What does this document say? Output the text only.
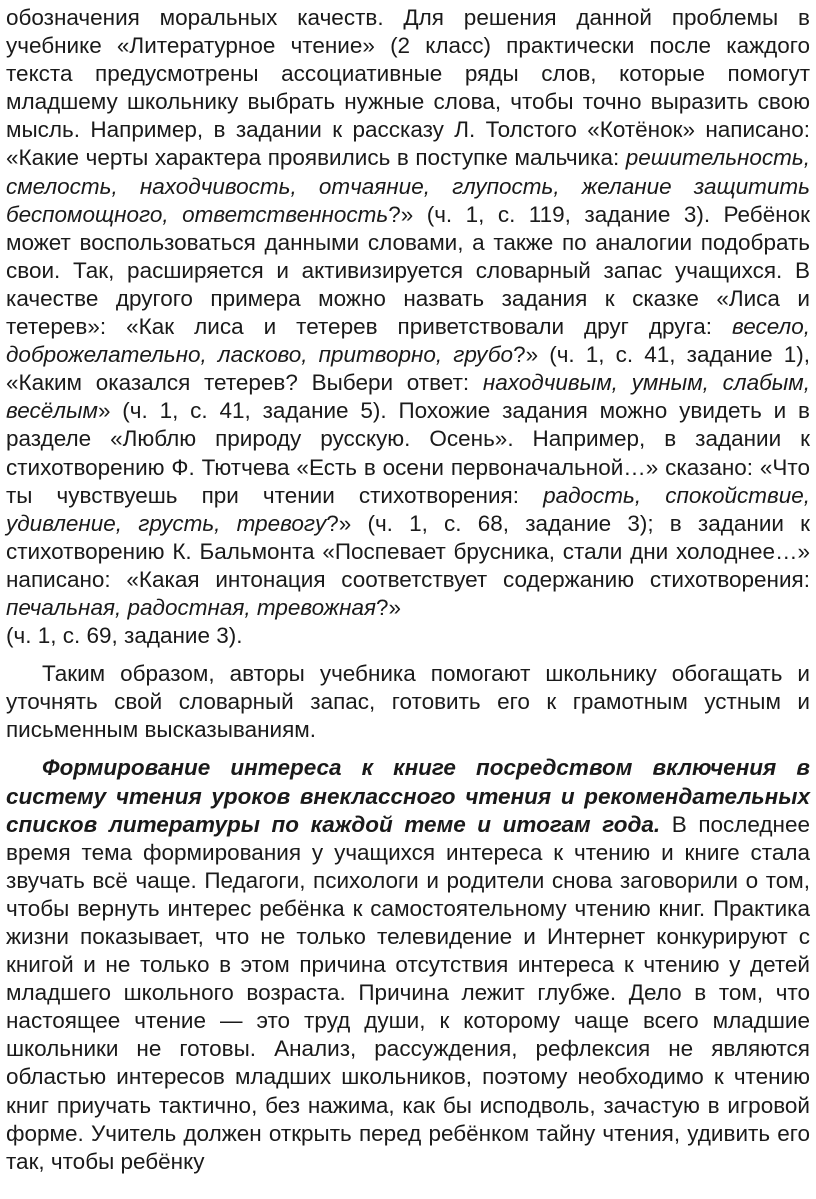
обозначения моральных качеств. Для решения данной проблемы в учебнике «Литературное чтение» (2 класс) практически после каждого текста предусмотрены ассоциативные ряды слов, которые помогут младшему школьнику выбрать нужные слова, чтобы точно выразить свою мысль. Например, в задании к рассказу Л. Толстого «Котёнок» написано: «Какие черты характера проявились в поступке мальчика: решительность, смелость, находчивость, отчаяние, глупость, желание защитить беспомощного, ответственность?» (ч. 1, с. 119, задание 3). Ребёнок может воспользоваться данными словами, а также по аналогии подобрать свои. Так, расширяется и активизируется словарный запас учащихся. В качестве другого примера можно назвать задания к сказке «Лиса и тетерев»: «Как лиса и тетерев приветствовали друг друга: весело, доброжелательно, ласково, притворно, грубо?» (ч. 1, с. 41, задание 1), «Каким оказался тетерев? Выбери ответ: находчивым, умным, слабым, весёлым» (ч. 1, с. 41, задание 5). Похожие задания можно увидеть и в разделе «Люблю природу русскую. Осень». Например, в задании к стихотворению Ф. Тютчева «Есть в осени первоначальной…» сказано: «Что ты чувствуешь при чтении стихотворения: радость, спокойствие, удивление, грусть, тревогу?» (ч. 1, с. 68, задание 3); в задании к стихотворению К. Бальмонта «Поспевает брусника, стали дни холоднее…» написано: «Какая интонация соответствует содержанию стихотворения: печальная, радостная, тревожная?»

(ч. 1, с. 69, задание 3).

Таким образом, авторы учебника помогают школьнику обогащать и уточнять свой словарный запас, готовить его к грамотным устным и письменным высказываниям.

Формирование интереса к книге посредством включения в систему чтения уроков внеклассного чтения и рекомендательных списков литературы по каждой теме и итогам года. В последнее время тема формирования у учащихся интереса к чтению и книге стала звучать всё чаще. Педагоги, психологи и родители снова заговорили о том, чтобы вернуть интерес ребёнка к самостоятельному чтению книг. Практика жизни показывает, что не только телевидение и Интернет конкурируют с книгой и не только в этом причина отсутствия интереса к чтению у детей младшего школьного возраста. Причина лежит глубже. Дело в том, что настоящее чтение — это труд души, к которому чаще всего младшие школьники не готовы. Анализ, рассуждения, рефлексия не являются областью интересов младших школьников, поэтому необходимо к чтению книг приучать тактично, без нажима, как бы исподволь, зачастую в игровой форме. Учитель должен открыть перед ребёнком тайну чтения, удивить его так, чтобы ребёнку
